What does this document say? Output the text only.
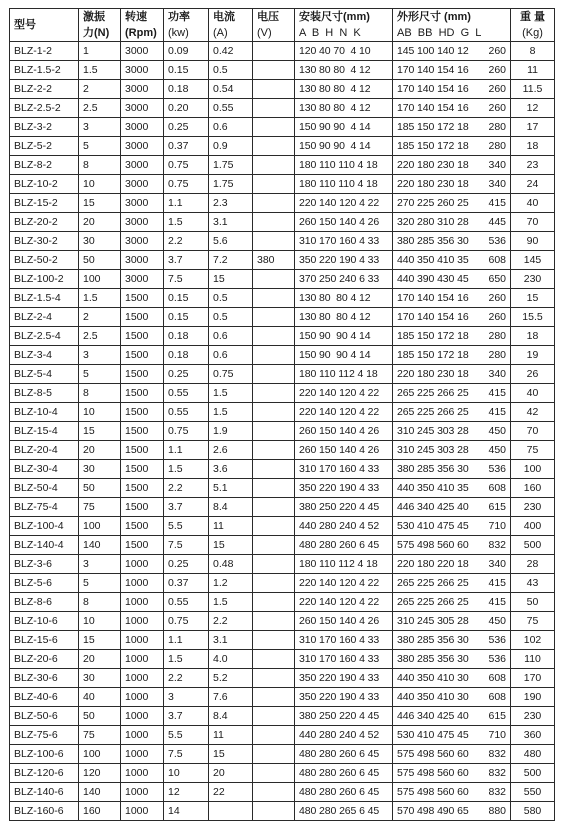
型号	激振	转速	功率	电流	电压	安装尺寸(mm)	外形尺寸 (mm)		重 量
	力(N)	(Rpm)	(kw)	(A)	(V)	A  B  H  N  K	AB  BB  HD  G  L		(Kg)
BLZ-1-2	1	3000	0.09	0.42		120 40 70  4 10	145 100 140 12	260	8
BLZ-1.5-2	1.5	3000	0.15	0.5		130 80 80  4 12	170 140 154 16	260	11
BLZ-2-2	2	3000	0.18	0.54		130 80 80  4 12	170 140 154 16	260	11.5
BLZ-2.5-2	2.5	3000	0.20	0.55		130 80 80  4 12	170 140 154 16	260	12
BLZ-3-2	3	3000	0.25	0.6		150 90 90  4 14	185 150 172 18	280	17
BLZ-5-2	5	3000	0.37	0.9		150 90 90  4 14	185 150 172 18	280	18
BLZ-8-2	8	3000	0.75	1.75		180 110 110 4 18	220 180 230 18	340	23
BLZ-10-2	10	3000	0.75	1.75		180 110 110 4 18	220 180 230 18	340	24
BLZ-15-2	15	3000	1.1	2.3		220 140 120 4 22	270 225 260 25	415	40
BLZ-20-2	20	3000	1.5	3.1		260 150 140 4 26	320 280 310 28	445	70
BLZ-30-2	30	3000	2.2	5.6		310 170 160 4 33	380 285 356 30	536	90
BLZ-50-2	50	3000	3.7	7.2	380	350 220 190 4 33	440 350 410 35	608	145
BLZ-100-2	100	3000	7.5	15		370 250 240 6 33	440 390 430 45	650	230
BLZ-1.5-4	1.5	1500	0.15	0.5		130 80  80 4 12	170 140 154 16	260	15
BLZ-2-4	2	1500	0.15	0.5		130 80  80 4 12	170 140 154 16	260	15.5
BLZ-2.5-4	2.5	1500	0.18	0.6		150 90  90 4 14	185 150 172 18	280	18
BLZ-3-4	3	1500	0.18	0.6		150 90  90 4 14	185 150 172 18	280	19
BLZ-5-4	5	1500	0.25	0.75		180 110 112 4 18	220 180 230 18	340	26
BLZ-8-5	8	1500	0.55	1.5		220 140 120 4 22	265 225 266 25	415	40
BLZ-10-4	10	1500	0.55	1.5		220 140 120 4 22	265 225 266 25	415	42
BLZ-15-4	15	1500	0.75	1.9		260 150 140 4 26	310 245 303 28	450	70
BLZ-20-4	20	1500	1.1	2.6		260 150 140 4 26	310 245 303 28	450	75
BLZ-30-4	30	1500	1.5	3.6		310 170 160 4 33	380 285 356 30	536	100
BLZ-50-4	50	1500	2.2	5.1		350 220 190 4 33	440 350 410 35	608	160
BLZ-75-4	75	1500	3.7	8.4		380 250 220 4 45	446 340 425 40	615	230
BLZ-100-4	100	1500	5.5	11		440 280 240 4 52	530 410 475 45	710	400
BLZ-140-4	140	1500	7.5	15		480 280 260 6 45	575 498 560 60	832	500
BLZ-3-6	3	1000	0.25	0.48		180 110 112 4 18	220 180 220 18	340	28
BLZ-5-6	5	1000	0.37	1.2		220 140 120 4 22	265 225 266 25	415	43
BLZ-8-6	8	1000	0.55	1.5		220 140 120 4 22	265 225 266 25	415	50
BLZ-10-6	10	1000	0.75	2.2		260 150 140 4 26	310 245 305 28	450	75
BLZ-15-6	15	1000	1.1	3.1		310 170 160 4 33	380 285 356 30	536	102
BLZ-20-6	20	1000	1.5	4.0		310 170 160 4 33	380 285 356 30	536	110
BLZ-30-6	30	1000	2.2	5.2		350 220 190 4 33	440 350 410 30	608	170
BLZ-40-6	40	1000	3	7.6		350 220 190 4 33	440 350 410 30	608	190
BLZ-50-6	50	1000	3.7	8.4		380 250 220 4 45	446 340 425 40	615	230
BLZ-75-6	75	1000	5.5	11		440 280 240 4 52	530 410 475 45	710	360
BLZ-100-6	100	1000	7.5	15		480 280 260 6 45	575 498 560 60	832	480
BLZ-120-6	120	1000	10	20		480 280 260 6 45	575 498 560 60	832	500
BLZ-140-6	140	1000	12	22		480 280 260 6 45	575 498 560 60	832	550
BLZ-160-6	160	1000	14			480 280 265 6 45	570 498 490 65	880	580
